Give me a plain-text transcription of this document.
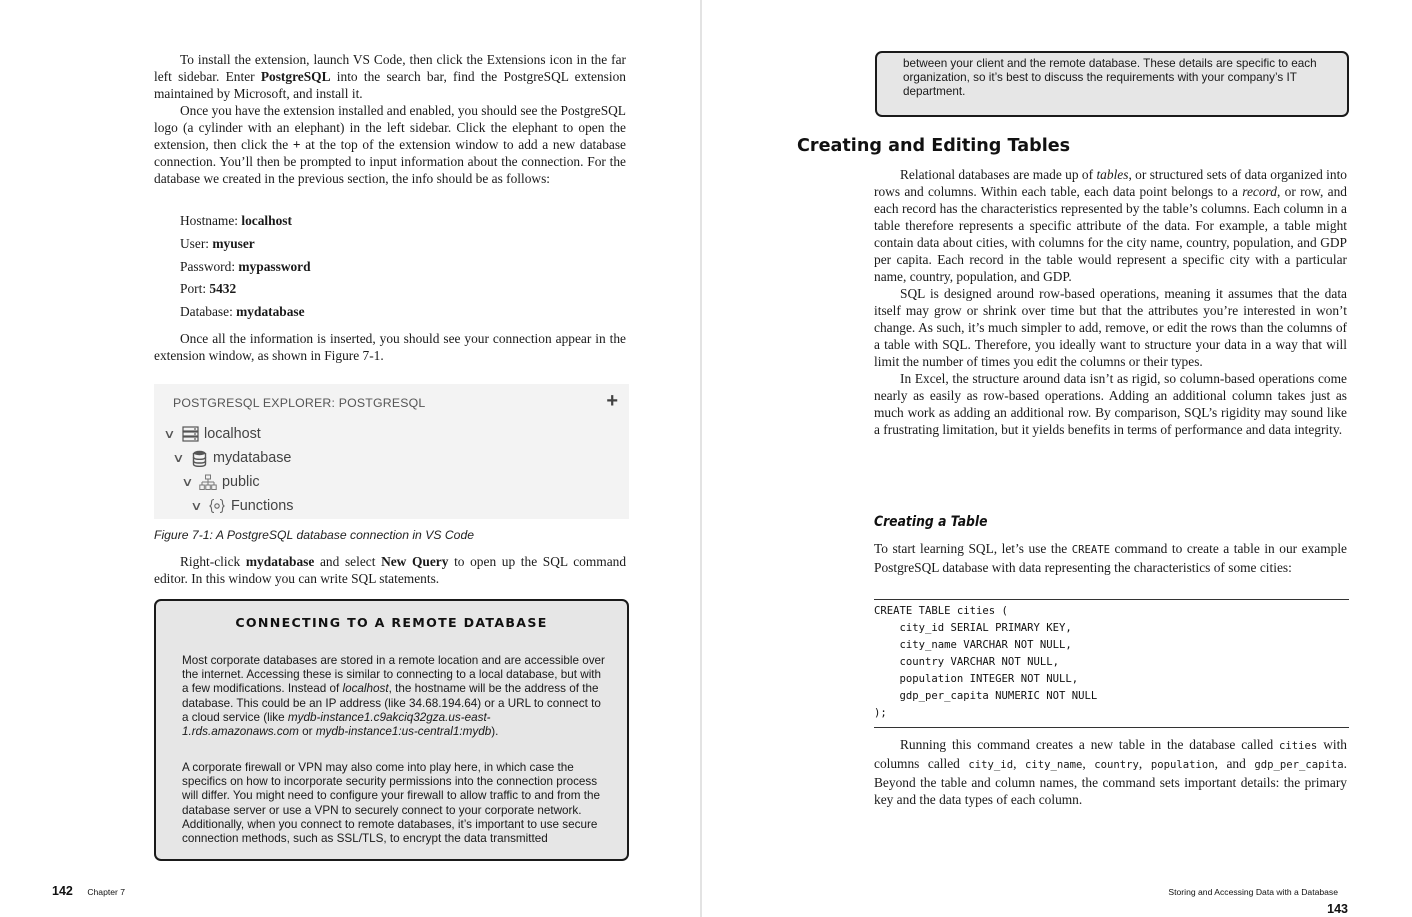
To install the extension, launch VS Code, then click the Extensions icon in the far left sidebar. Enter PostgreSQL into the search bar, find the PostgreSQL extension maintained by Microsoft, and install it.

Once you have the extension installed and enabled, you should see the PostgreSQL logo (a cylinder with an elephant) in the left sidebar. Click the elephant to open the extension, then click the + at the top of the extension window to add a new database connection. You’ll then be prompted to input information about the connection. For the database we created in the previous section, the info should be as follows:

Hostname: localhost
User: myuser
Password: mypassword
Port: 5432
Database: mydatabase

Once all the information is inserted, you should see your connection appear in the extension window, as shown in Figure 7-1.

POSTGRESQL EXPLORER: POSTGRESQL	+
∨	localhost
∨	mydatabase
∨	public
∨	Functions
Figure 7-1: A PostgreSQL database connection in VS Code

Right-click mydatabase and select New Query to open up the SQL command editor. In this window you can write SQL statements.

CONNECTING TO A REMOTE DATABASE

Most corporate databases are stored in a remote location and are accessible over the internet. Accessing these is similar to connecting to a local database, but with a few modifications. Instead of localhost, the hostname will be the address of the database. This could be an IP address (like 34.68.194.64) or a URL to connect to a cloud service (like mydb-instance1.c9akciq32gza.us-east-1.rds.amazonaws.com or mydb-instance1:us-central1:mydb).

A corporate firewall or VPN may also come into play here, in which case the specifics on how to incorporate security permissions into the connection process will differ. You might need to configure your firewall to allow traffic to and from the database server or use a VPN to securely connect to your corporate network. Additionally, when you connect to remote databases, it’s important to use secure connection methods, such as SSL/TLS, to encrypt the data transmitted

142 Chapter 7

between your client and the remote database. These details are specific to each organization, so it’s best to discuss the requirements with your company’s IT department.

Creating and Editing Tables

Relational databases are made up of tables, or structured sets of data organized into rows and columns. Within each table, each data point belongs to a record, or row, and each record has the characteristics represented by the table’s columns. Each column in a table therefore represents a specific attribute of the data. For example, a table might contain data about cities, with columns for the city name, country, population, and GDP per capita. Each record in the table would represent a specific city with a particular name, country, population, and GDP.

SQL is designed around row-based operations, meaning it assumes that the data itself may grow or shrink over time but that the attributes you’re interested in won’t change. As such, it’s much simpler to add, remove, or edit the rows than the columns of a table with SQL. Therefore, you ideally want to structure your data in a way that will limit the number of times you edit the columns or their types.

In Excel, the structure around data isn’t as rigid, so column-based operations come nearly as easily as row-based operations. Adding an additional column takes just as much work as adding an additional row. By comparison, SQL’s rigidity may sound like a frustrating limitation, but it yields benefits in terms of performance and data integrity.

Creating a Table

To start learning SQL, let’s use the CREATE command to create a table in our example PostgreSQL database with data representing the characteristics of some cities:

CREATE TABLE cities (
city_id SERIAL PRIMARY KEY,
city_name VARCHAR NOT NULL,
country VARCHAR NOT NULL,
population INTEGER NOT NULL,
gdp_per_capita NUMERIC NOT NULL
);

Running this command creates a new table in the database called cities with columns called city_id, city_name, country, population, and gdp_per_capita. Beyond the table and column names, the command sets important details: the primary key and the data types of each column.

Storing and Accessing Data with a Database 143
